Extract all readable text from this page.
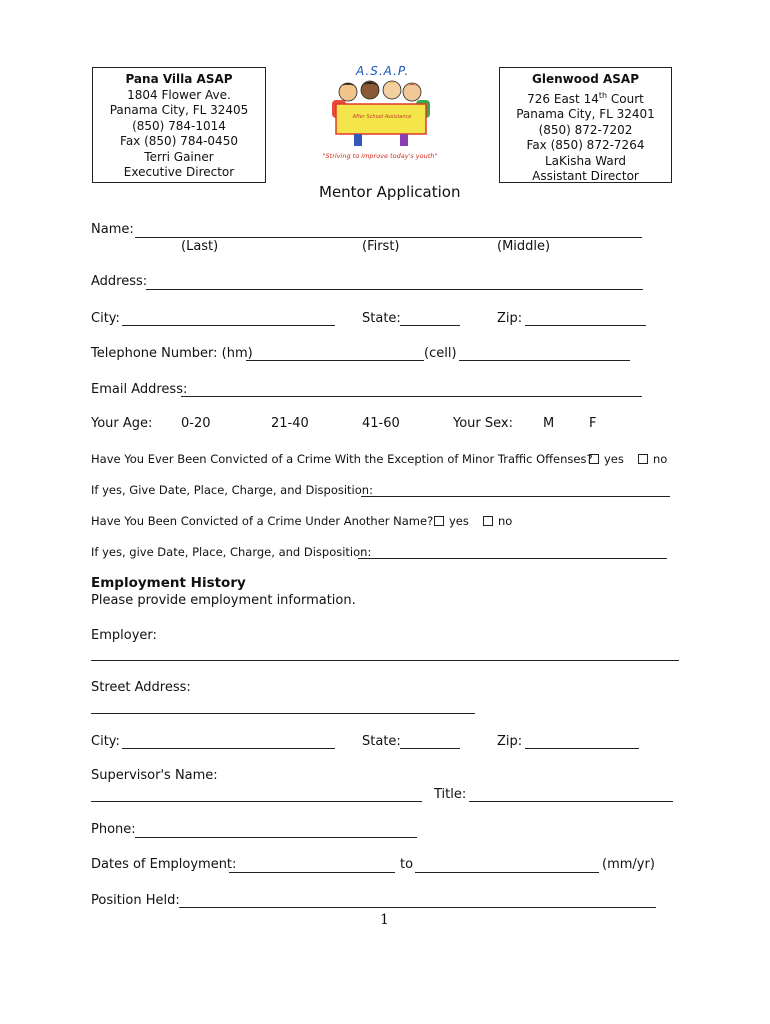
Pana Villa ASAP
1804 Flower Ave.
Panama City, FL 32405
(850) 784-1014
Fax (850) 784-0450
Terri Gainer
Executive Director
Glenwood ASAP
726 East 14th Court
Panama City, FL 32401
(850) 872-7202
Fax (850) 872-7264
LaKisha Ward
Assistant Director
A.S.A.P.
After School Assistance
"Striving to improve today's youth"
Mentor Application
Name:
(Last)	(First)	(Middle)
Address:
City:	State:	Zip:
Telephone Number: (hm)	(cell)
Email Address:
Your Age: 0-20	21-40	41-60	Your Sex: M	F
Have You Ever Been Convicted of a Crime With the Exception of Minor Traffic Offenses? yes	no
If yes, Give Date, Place, Charge, and Disposition:
Have You Been Convicted of a Crime Under Another Name?	yes	no
If yes, give Date, Place, Charge, and Disposition:
Employment History
Please provide employment information.
Employer:
Street Address:
City:	State:	Zip:
Supervisor's Name:
Title:
Phone:
Dates of Employment:	to	(mm/yr)
Position Held:
1
